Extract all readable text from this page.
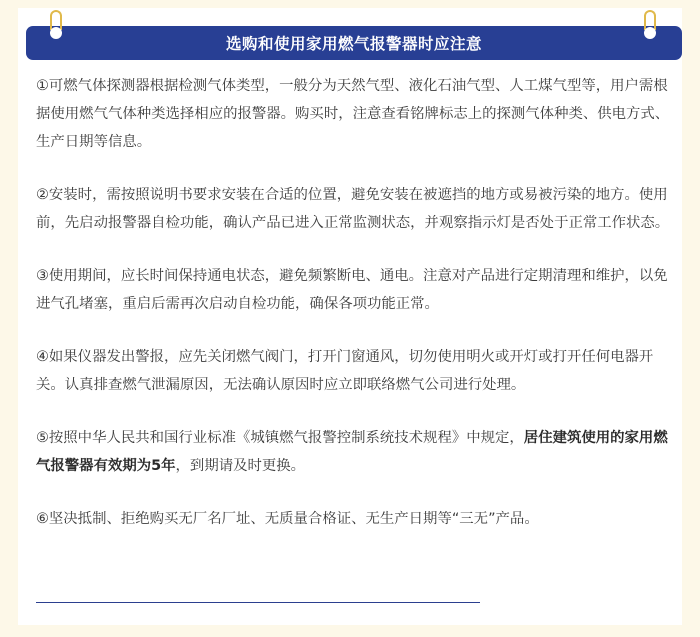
选购和使用家用燃气报警器时应注意

①可燃气体探测器根据检测气体类型，一般分为天然气型、液化石油气型、人工煤气型等，用户需根据使用燃气气体种类选择相应的报警器。购买时，注意查看铭牌标志上的探测气体种类、供电方式、生产日期等信息。

②安装时，需按照说明书要求安装在合适的位置，避免安装在被遮挡的地方或易被污染的地方。使用前，先启动报警器自检功能，确认产品已进入正常监测状态，并观察指示灯是否处于正常工作状态。

③使用期间，应长时间保持通电状态，避免频繁断电、通电。注意对产品进行定期清理和维护，以免进气孔堵塞，重启后需再次启动自检功能，确保各项功能正常。

④如果仪器发出警报，应先关闭燃气阀门，打开门窗通风，切勿使用明火或开灯或打开任何电器开关。认真排查燃气泄漏原因，无法确认原因时应立即联络燃气公司进行处理。

⑤按照中华人民共和国行业标准《城镇燃气报警控制系统技术规程》中规定，居住建筑使用的家用燃气报警器有效期为5年，到期请及时更换。

⑥坚决抵制、拒绝购买无厂名厂址、无质量合格证、无生产日期等“三无”产品。
